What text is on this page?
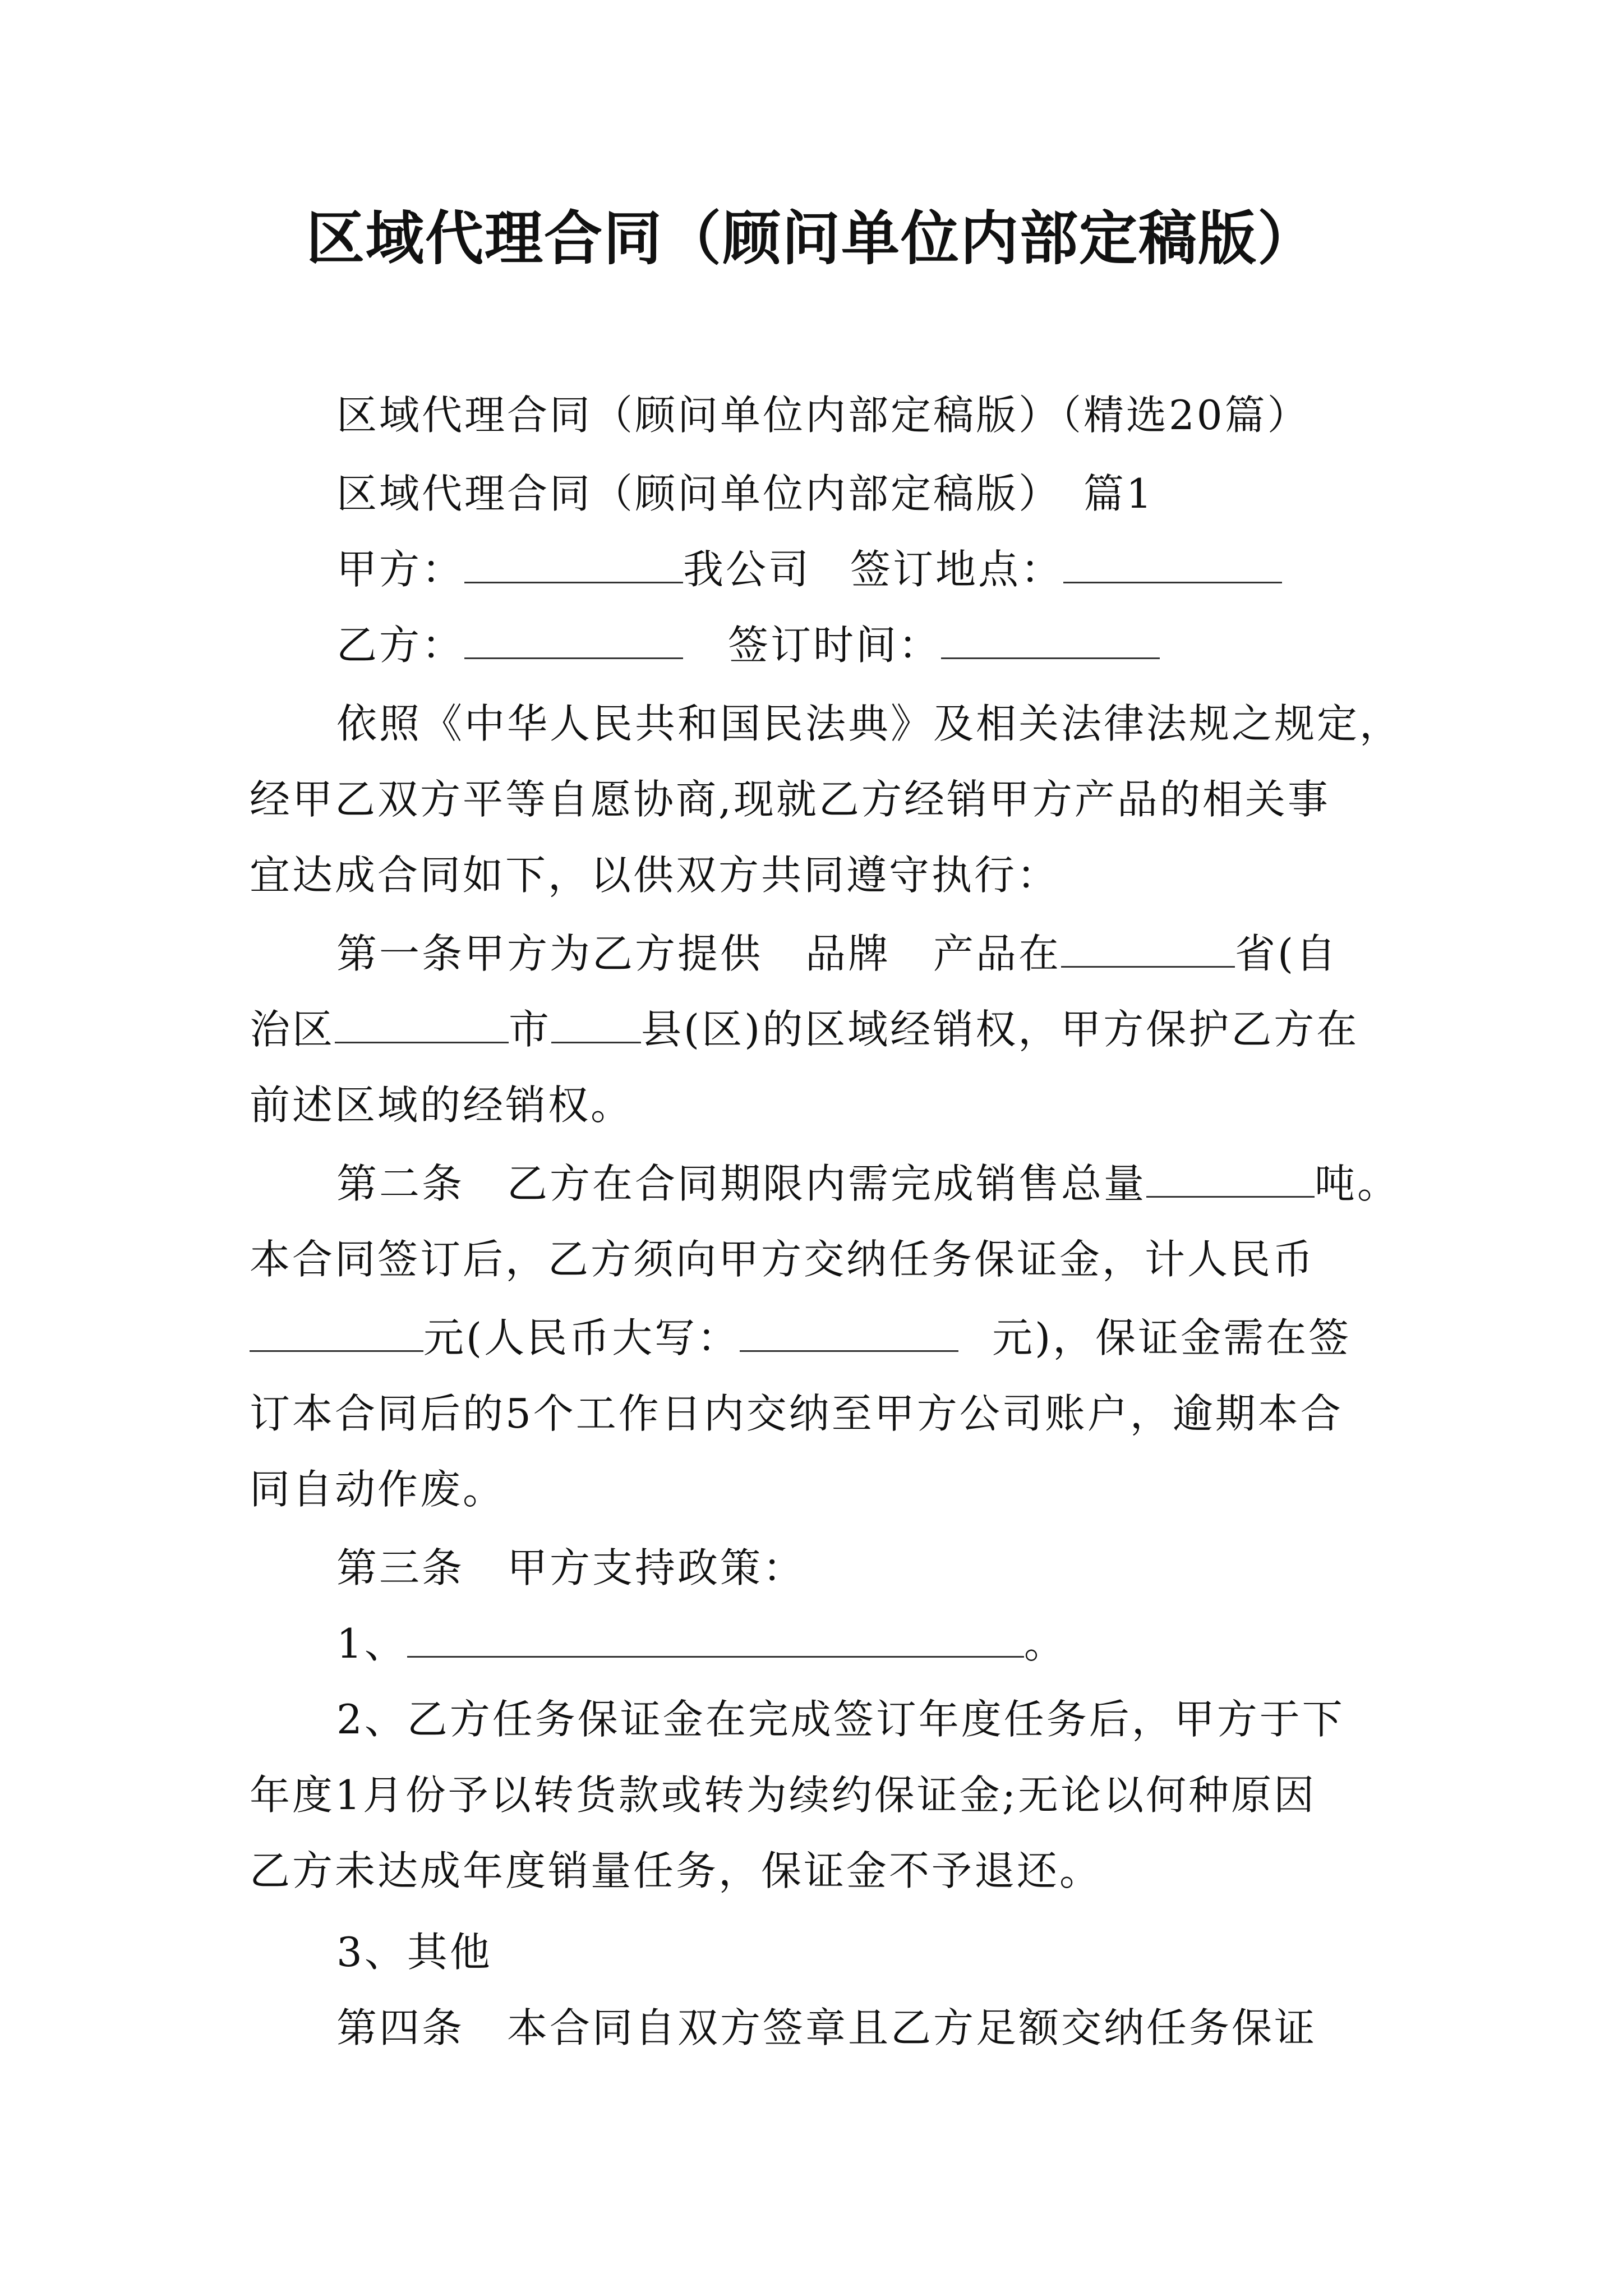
区域代理合同（顾问单位内部定稿版）

区域代理合同（顾问单位内部定稿版）（精选20篇）

区域代理合同（顾问单位内部定稿版）　篇1

甲方：	我公司 签订地点：

乙方：	签订时间：

依照《中华人民共和国民法典》及相关法律法规之规定，

经甲乙双方平等自愿协商,现就乙方经销甲方产品的相关事

宜达成合同如下，以供双方共同遵守执行：

第一条甲方为乙方提供　品牌　产品在	省(自

治区	市 县(区)的区域经销权，甲方保护乙方在

前述区域的经销权。

第二条　乙方在合同期限内需完成销售总量	吨。

本合同签订后，乙方须向甲方交纳任务保证金，计人民币

元(人民币大写：	元)，保证金需在签

订本合同后的5个工作日内交纳至甲方公司账户，逾期本合

同自动作废。

第三条　甲方支持政策：

1、	。

2、乙方任务保证金在完成签订年度任务后，甲方于下

年度1月份予以转货款或转为续约保证金;无论以何种原因

乙方未达成年度销量任务，保证金不予退还。

3、其他

第四条　本合同自双方签章且乙方足额交纳任务保证
